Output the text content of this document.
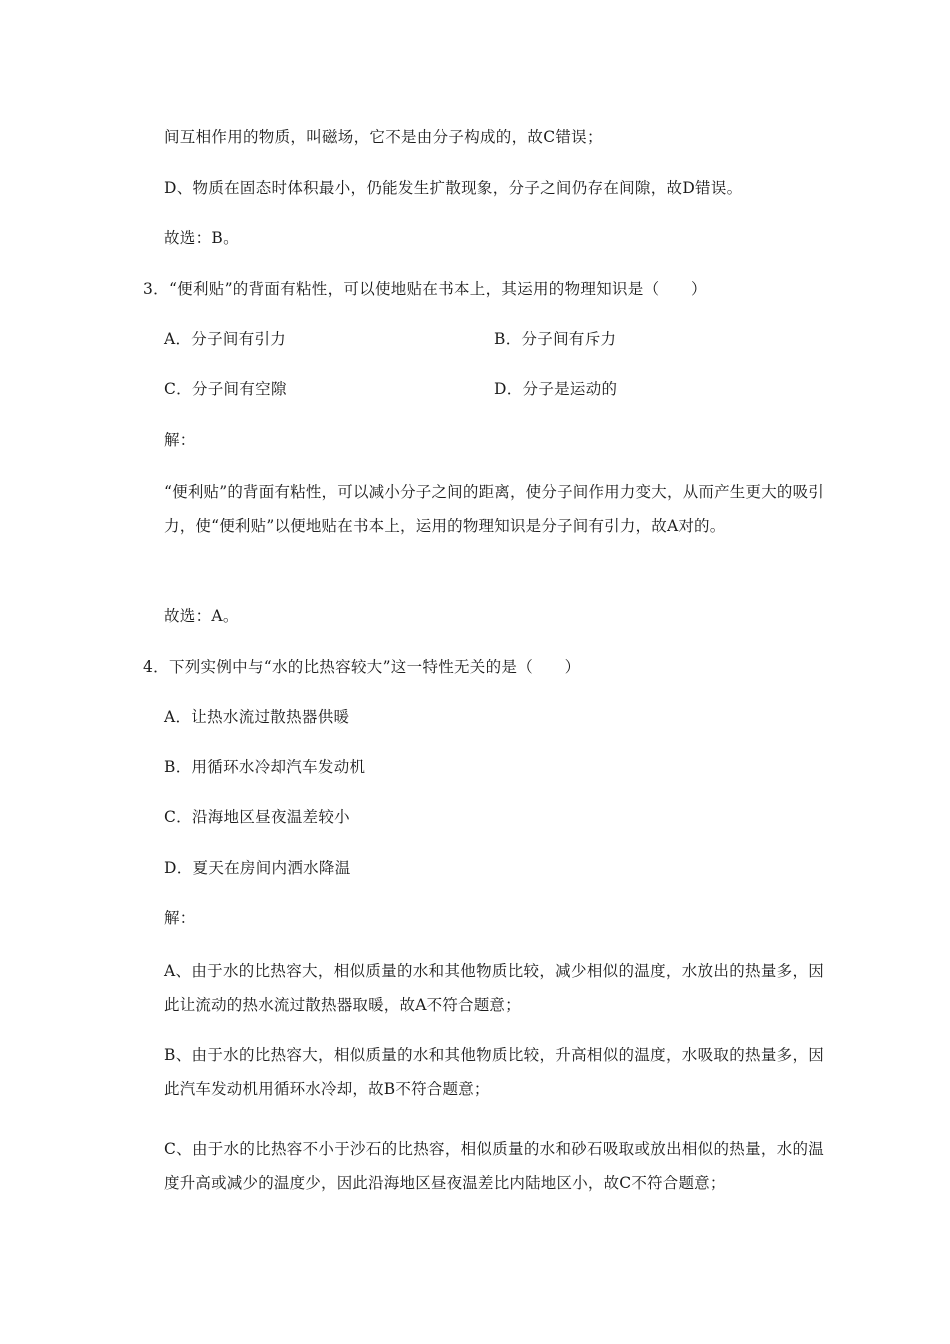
间互相作用的物质，叫磁场，它不是由分子构成的，故C错误；
D、物质在固态时体积最小，仍能发生扩散现象，分子之间仍存在间隙，故D错误。
故选：B。
3．“便利贴”的背面有粘性，可以使地贴在书本上，其运用的物理知识是（　　）
A．分子间有引力	B．分子间有斥力
C．分子间有空隙	D．分子是运动的
解：
“便利贴”的背面有粘性，可以减小分子之间的距离，使分子间作用力变大，从而产生更大的吸引力，使“便利贴”以便地贴在书本上，运用的物理知识是分子间有引力，故A对的。
故选：A。
4．下列实例中与“水的比热容较大”这一特性无关的是（　　）
A．让热水流过散热器供暖
B．用循环水冷却汽车发动机
C．沿海地区昼夜温差较小
D．夏天在房间内洒水降温
解：
A、由于水的比热容大，相似质量的水和其他物质比较，减少相似的温度，水放出的热量多，因此让流动的热水流过散热器取暖，故A不符合题意；
B、由于水的比热容大，相似质量的水和其他物质比较，升高相似的温度，水吸取的热量多，因此汽车发动机用循环水冷却，故B不符合题意；
C、由于水的比热容不小于沙石的比热容，相似质量的水和砂石吸取或放出相似的热量，水的温度升高或减少的温度少，因此沿海地区昼夜温差比内陆地区小，故C不符合题意；
